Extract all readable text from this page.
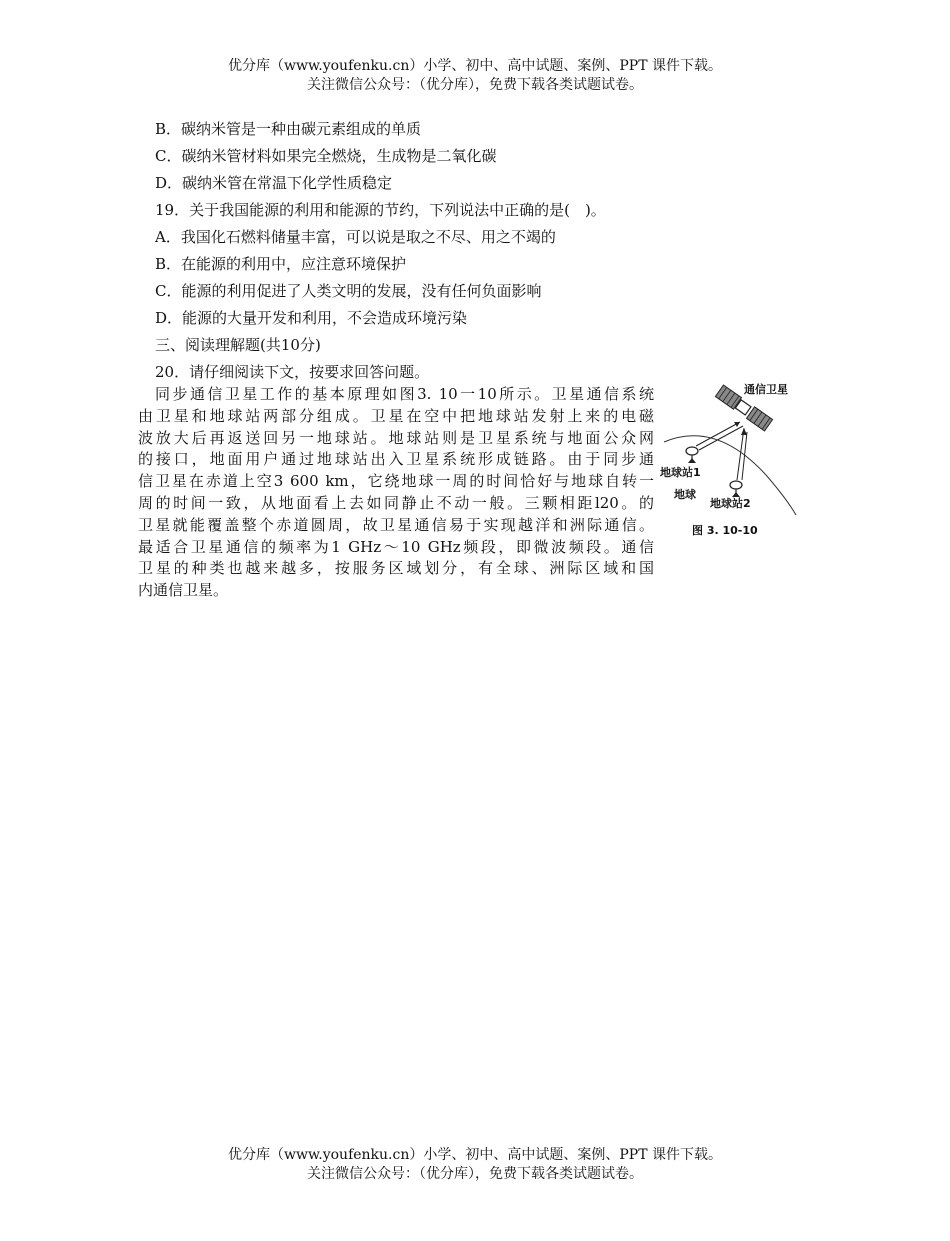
优分库（www.youfenku.cn）小学、初中、高中试题、案例、PPT 课件下载。
关注微信公众号：（优分库），免费下载各类试题试卷。
B．碳纳米管是一种由碳元素组成的单质
C．碳纳米管材料如果完全燃烧，生成物是二氧化碳
D．碳纳米管在常温下化学性质稳定
19．关于我国能源的利用和能源的节约，下列说法中正确的是(　)。
A．我国化石燃料储量丰富，可以说是取之不尽、用之不竭的
B．在能源的利用中，应注意环境保护
C．能源的利用促进了人类文明的发展，没有任何负面影响
D．能源的大量开发和利用，不会造成环境污染
三、阅读理解题(共10分)
20．请仔细阅读下文，按要求回答问题。
同步通信卫星工作的基本原理如图3. 10一10所示。卫星通信系统
由卫星和地球站两部分组成。卫星在空中把地球站发射上来的电磁
波放大后再返送回另一地球站。地球站则是卫星系统与地面公众网
的接口，地面用户通过地球站出入卫星系统形成链路。由于同步通
信卫星在赤道上空3 600 km，它绕地球一周的时间恰好与地球自转一
周的时间一致，从地面看上去如同静止不动一般。三颗相距l20。的
卫星就能覆盖整个赤道圆周，故卫星通信易于实现越洋和洲际通信。
最适合卫星通信的频率为1 GHz～10 GHz频段，即微波频段。通信
卫星的种类也越来越多，按服务区域划分，有全球、洲际区域和国
内通信卫星。
通信卫星
地球站1
地球
地球站2
图 3. 10-10
优分库（www.youfenku.cn）小学、初中、高中试题、案例、PPT 课件下载。
关注微信公众号：（优分库），免费下载各类试题试卷。
